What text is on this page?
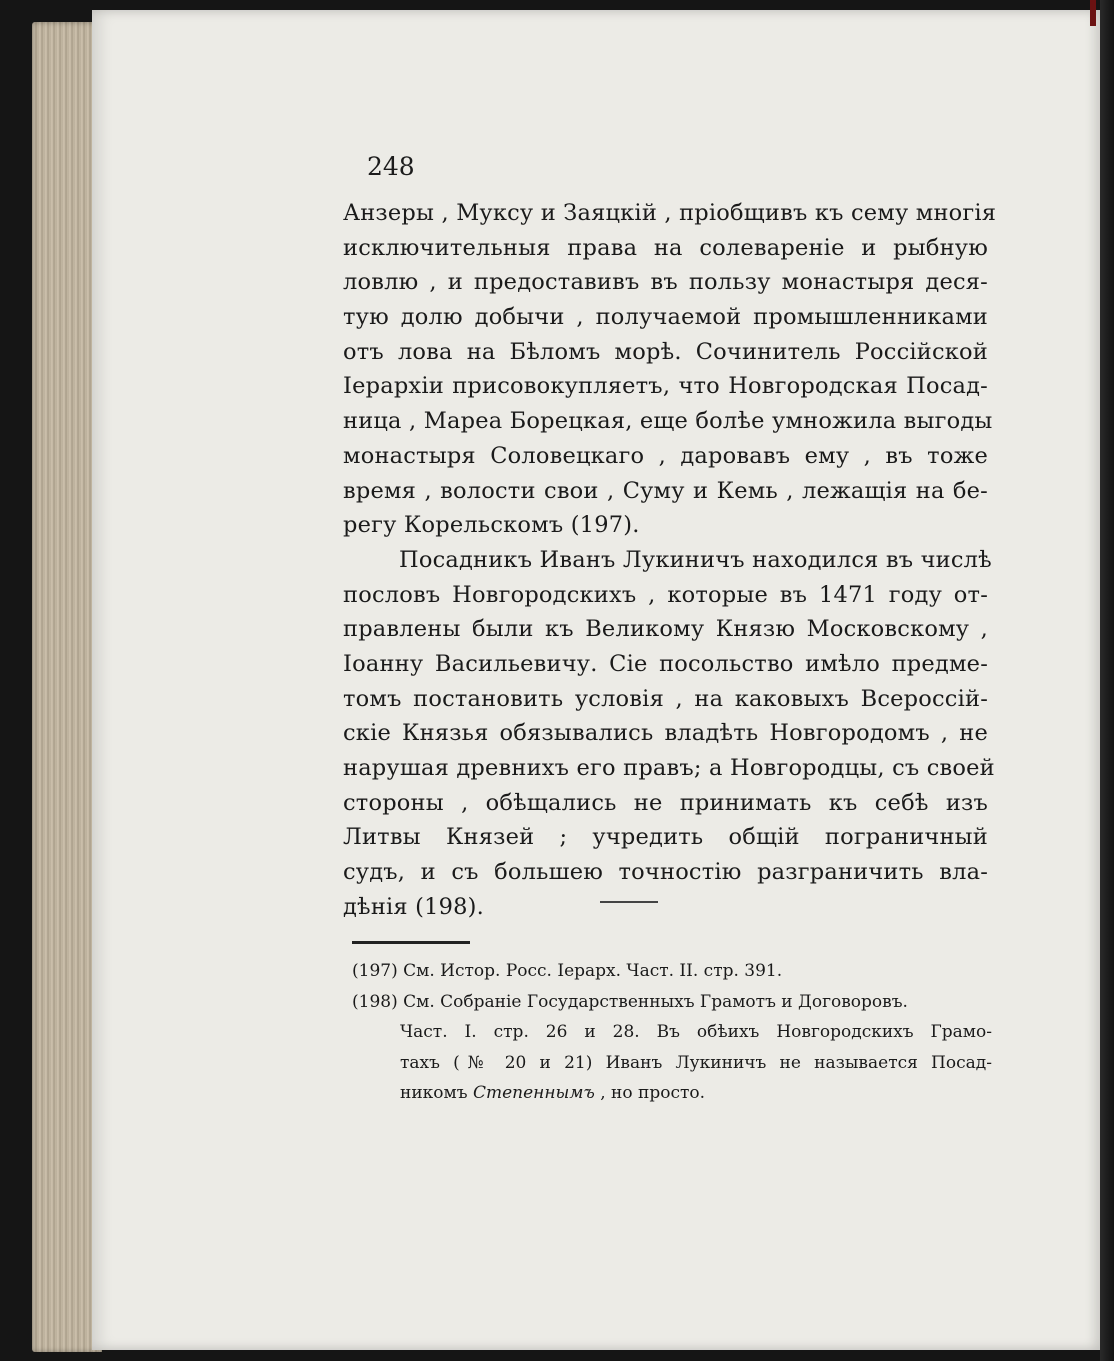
248
Анзеры , Муксу и Заяцкій , пріобщивъ къ сему многія
исключительныя права на солевареніе и рыбную
ловлю , и предоставивъ въ пользу монастыря деся-
тую долю добычи , получаемой промышленниками
отъ лова на Бѣломъ морѣ. Сочинитель Россійской
Іерархіи присовокупляетъ, что Новгородская Посад-
ница , Мареа Борецкая, еще болѣе умножила выгоды
монастыря Соловецкаго , даровавъ ему , въ тоже
время , волости свои , Суму и Кемь , лежащія на бе-
регу Корельскомъ (197).
Посадникъ Иванъ Лукиничъ находился въ числѣ
пословъ Новгородскихъ , которые въ 1471 году от-
правлены были къ Великому Князю Московскому ,
Іоанну Васильевичу. Сіе посольство имѣло предме-
томъ постановить условія , на каковыхъ Всероссій-
скіе Князья обязывались владѣть Новгородомъ , не
нарушая древнихъ его правъ; а Новгородцы, съ своей
стороны , обѣщались не принимать къ себѣ изъ
Литвы Князей ; учредить общій пограничный
судъ, и съ большею точностію разграничить вла-
дѣнія (198).
(197) См. Истор. Росс. Іерарх. Част. II. стр. 391.
(198) См. Собраніе Государственныхъ Грамотъ и Договоровъ.
Част. I. стр. 26 и 28. Въ обѣихъ Новгородскихъ Грамо-
тахъ (№ 20 и 21) Иванъ Лукиничъ не называется Посад-
никомъ Степеннымъ , но просто.
